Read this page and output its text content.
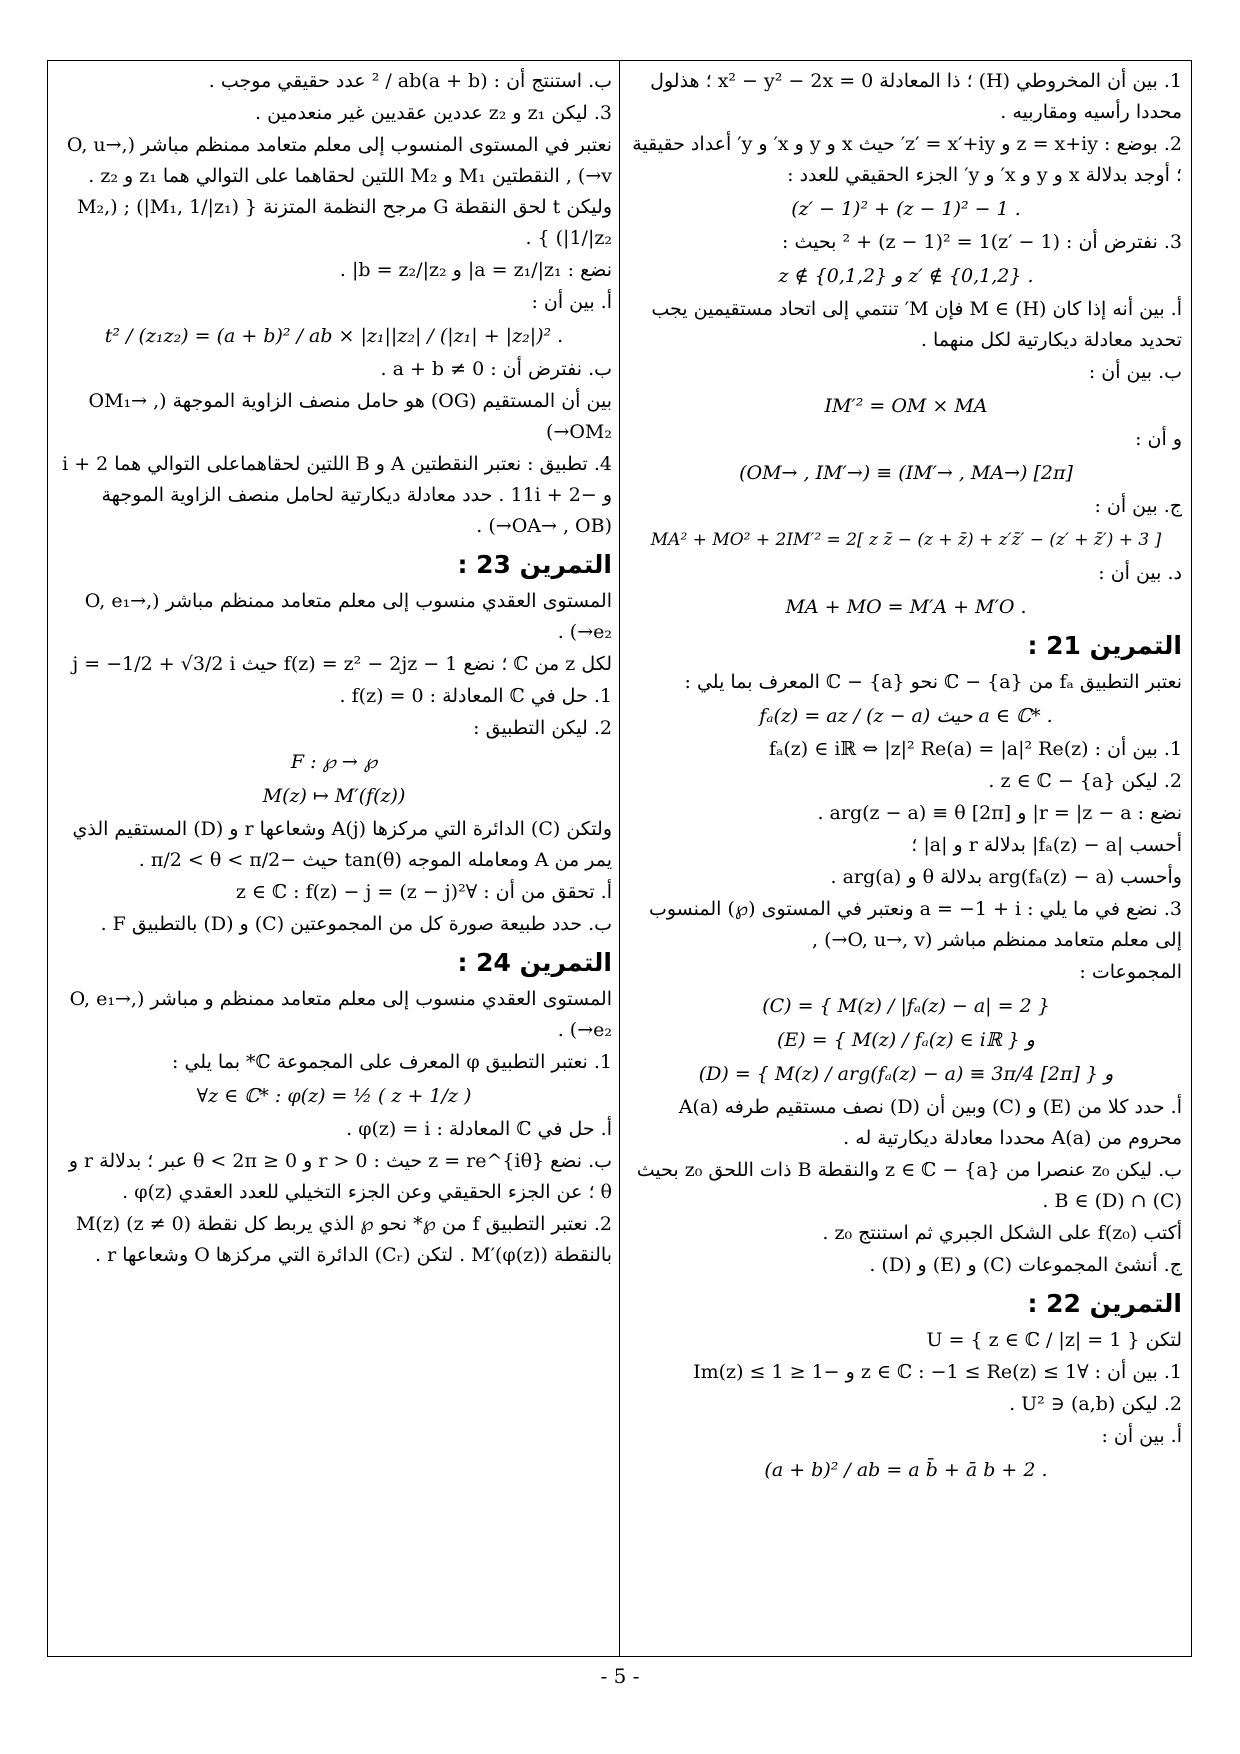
1. بين أن المخروطي (H) ؛ ذا المعادلة x² − y² − 2x = 0 ؛ هذلول محددا رأسيه ومقاربيه .

2. بوضع : z = x+iy و z′ = x′+iy′ حيث x و y و x′ و y′ أعداد حقيقية ؛ أوجد بدلالة x و y و x′ و y′ الجزء الحقيقي للعدد :

(z′ − 1)² + (z − 1)² − 1 .

3. نفترض أن : (z′ − 1)² + (z − 1)² = 1 بحيث :

z ∉ {0,1,2} و z′ ∉ {0,1,2} .

أ. بين أنه إذا كان M ∈ (H) فإن M′ تنتمي إلى اتحاد مستقيمين يجب تحديد معادلة ديكارتية لكل منهما .

ب. بين أن :

IM′² = OM × MA

و أن :

(OM→ , IM′→) ≡ (IM′→ , MA→) [2π]

ج. بين أن :

MA² + MO² + 2IM′² = 2[ z z̄ − (z + z̄) + z′z̄′ − (z′ + z̄′) + 3 ]

د. بين أن :

MA + MO = M′A + M′O .
التمرين 21 :

نعتبر التطبيق fₐ من ℂ − {a} نحو ℂ − {a} المعرف بما يلي :

fₐ(z) = az / (z − a) حيث a ∈ ℂ* .

1. بين أن : fₐ(z) ∈ iℝ ⇔ |z|² Re(a) = |a|² Re(z)

2. ليكن z ∈ ℂ − {a} .

نضع : r = |z − a| و arg(z − a) ≡ θ [2π] .

أحسب |fₐ(z) − a| بدلالة r و |a| ؛

وأحسب arg(fₐ(z) − a) بدلالة θ و arg(a) .

3. نضع في ما يلي : a = −1 + i ونعتبر في المستوى (℘) المنسوب إلى معلم متعامد ممنظم مباشر (O, u→, v→) ,

المجموعات :

(C) = { M(z) / |fₐ(z) − a| = 2 }
(E) = { M(z) / fₐ(z) ∈ iℝ } و
(D) = { M(z) / arg(fₐ(z) − a) ≡ 3π/4 [2π] } و

أ. حدد كلا من (E) و (C) وبين أن (D) نصف مستقيم طرفه A(a) محروم من A(a) محددا معادلة ديكارتية له .

ب. ليكن z₀ عنصرا من z ∈ ℂ − {a} والنقطة B ذات اللحق z₀ بحيث B ∈ (D) ∩ (C) .

أكتب f(z₀) على الشكل الجبري ثم استنتج z₀ .

ج. أنشئ المجموعات (C) و (E) و (D) .

التمرين 22 :

لتكن U = { z ∈ ℂ / |z| = 1 }

1. بين أن : ∀z ∈ ℂ : −1 ≤ Re(z) ≤ 1 و −1 ≤ Im(z) ≤ 1

2. ليكن (a,b) ∈ U² .

أ. بين أن :

(a + b)² / ab = a b̄ + ā b + 2 .

ب. استنتج أن : (a + b)² / ab عدد حقيقي موجب .

3. ليكن z₁ و z₂ عددين عقديين غير منعدمين .

نعتبر في المستوى المنسوب إلى معلم متعامد ممنظم مباشر (O, u→, v→) , النقطتين M₁ و M₂ اللتين لحقاهما على التوالي هما z₁ و z₂ . وليكن t لحق النقطة G مرجح النظمة المتزنة { (M₁, 1/|z₁|) ; (M₂, 1/|z₂|) } .

نضع : a = z₁/|z₁| و b = z₂/|z₂| .

أ. بين أن :

t² / (z₁z₂) = (a + b)² / ab × |z₁||z₂| / (|z₁| + |z₂|)² .

ب. نفترض أن : a + b ≠ 0 .

بين أن المستقيم (OG) هو حامل منصف الزاوية الموجهة (OM₁→ , OM₂→)

4. تطبيق : نعتبر النقطتين A و B اللتين لحقاهماعلى التوالي هما 2 + i و −2 + 11i . حدد معادلة ديكارتية لحامل منصف الزاوية الموجهة (OA→ , OB→) .

التمرين 23 :

المستوى العقدي منسوب إلى معلم متعامد ممنظم مباشر (O, e₁→, e₂→) .

لكل z من ℂ ؛ نضع f(z) = z² − 2jz − 1 حيث j = −1/2 + √3/2 i

1. حل في ℂ المعادلة : f(z) = 0 .

2. ليكن التطبيق :

F : ℘ → ℘
M(z) ↦ M′(f(z))

ولتكن (C) الدائرة التي مركزها A(j) وشعاعها r و (D) المستقيم الذي يمر من A ومعامله الموجه tan(θ) حيث −π/2 < θ < π/2 .

أ. تحقق من أن : ∀z ∈ ℂ : f(z) − j = (z − j)²

ب. حدد طبيعة صورة كل من المجموعتين (C) و (D) بالتطبيق F .

التمرين 24 :

المستوى العقدي منسوب إلى معلم متعامد ممنظم و مباشر (O, e₁→, e₂→) .

1. نعتبر التطبيق φ المعرف على المجموعة ℂ* بما يلي :

∀z ∈ ℂ* : φ(z) = ½ ( z + 1/z )

أ. حل في ℂ المعادلة : φ(z) = i .

ب. نضع z = re^{iθ} حيث : r > 0 و 0 ≤ θ < 2π عبر ؛ بدلالة r و θ ؛ عن الجزء الحقيقي وعن الجزء التخيلي للعدد العقدي φ(z) .

2. نعتبر التطبيق f من ℘* نحو ℘ الذي يربط كل نقطة M(z) (z ≠ 0) بالنقطة M′(φ(z)) . لتكن (Cᵣ) الدائرة التي مركزها O وشعاعها r .

- 5 -
